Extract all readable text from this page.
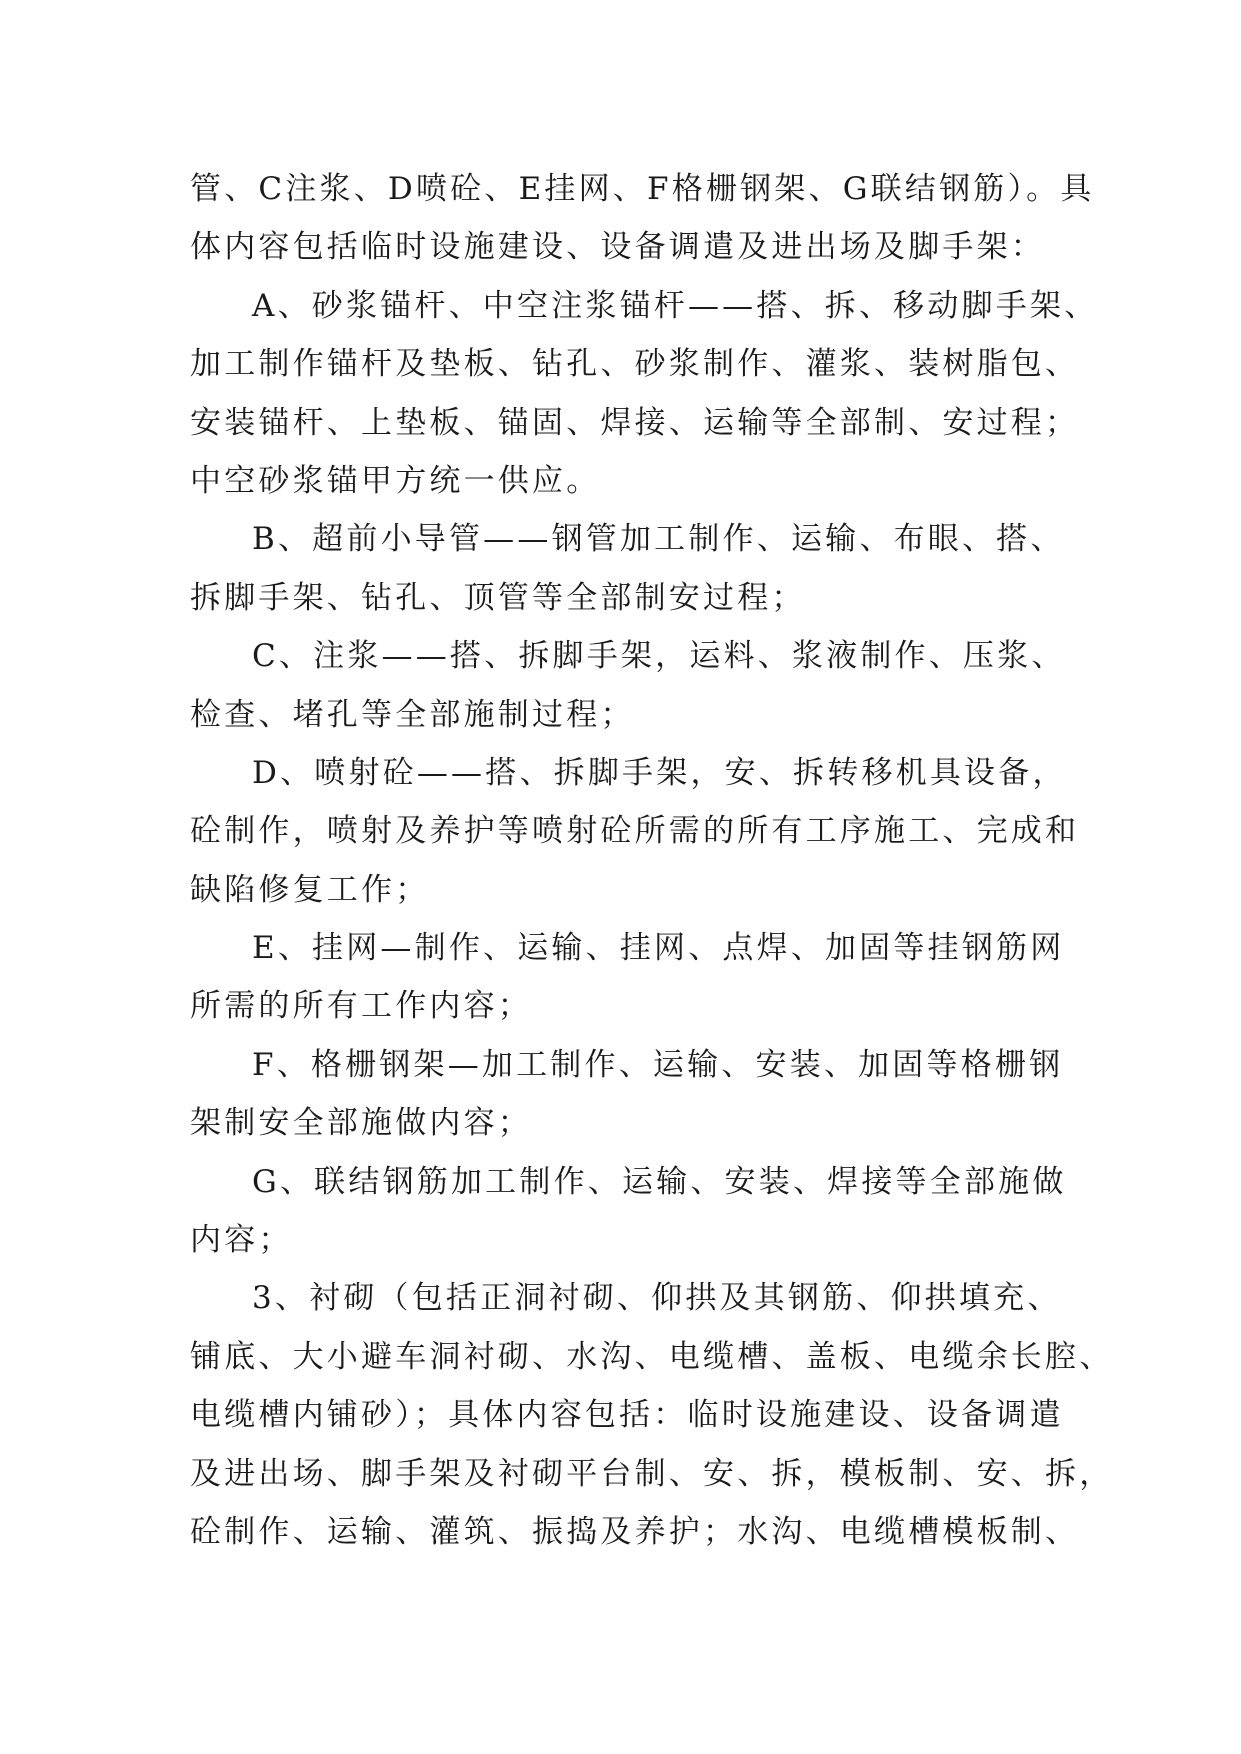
管、C注浆、D喷砼、E挂网、F格栅钢架、G联结钢筋）。具
体内容包括临时设施建设、设备调遣及进出场及脚手架：
A、砂浆锚杆、中空注浆锚杆——搭、拆、移动脚手架、
加工制作锚杆及垫板、钻孔、砂浆制作、灌浆、装树脂包、
安装锚杆、上垫板、锚固、焊接、运输等全部制、安过程；
中空砂浆锚甲方统一供应。
B、超前小导管——钢管加工制作、运输、布眼、搭、
拆脚手架、钻孔、顶管等全部制安过程；
C、注浆——搭、拆脚手架，运料、浆液制作、压浆、
检查、堵孔等全部施制过程；
D、喷射砼——搭、拆脚手架，安、拆转移机具设备，
砼制作，喷射及养护等喷射砼所需的所有工序施工、完成和
缺陷修复工作；
E、挂网—制作、运输、挂网、点焊、加固等挂钢筋网
所需的所有工作内容；
F、格栅钢架—加工制作、运输、安装、加固等格栅钢
架制安全部施做内容；
G、联结钢筋加工制作、运输、安装、焊接等全部施做
内容；
3、衬砌（包括正洞衬砌、仰拱及其钢筋、仰拱填充、
铺底、大小避车洞衬砌、水沟、电缆槽、盖板、电缆余长腔、
电缆槽内铺砂）；具体内容包括：临时设施建设、设备调遣
及进出场、脚手架及衬砌平台制、安、拆，模板制、安、拆，
砼制作、运输、灌筑、振捣及养护；水沟、电缆槽模板制、
